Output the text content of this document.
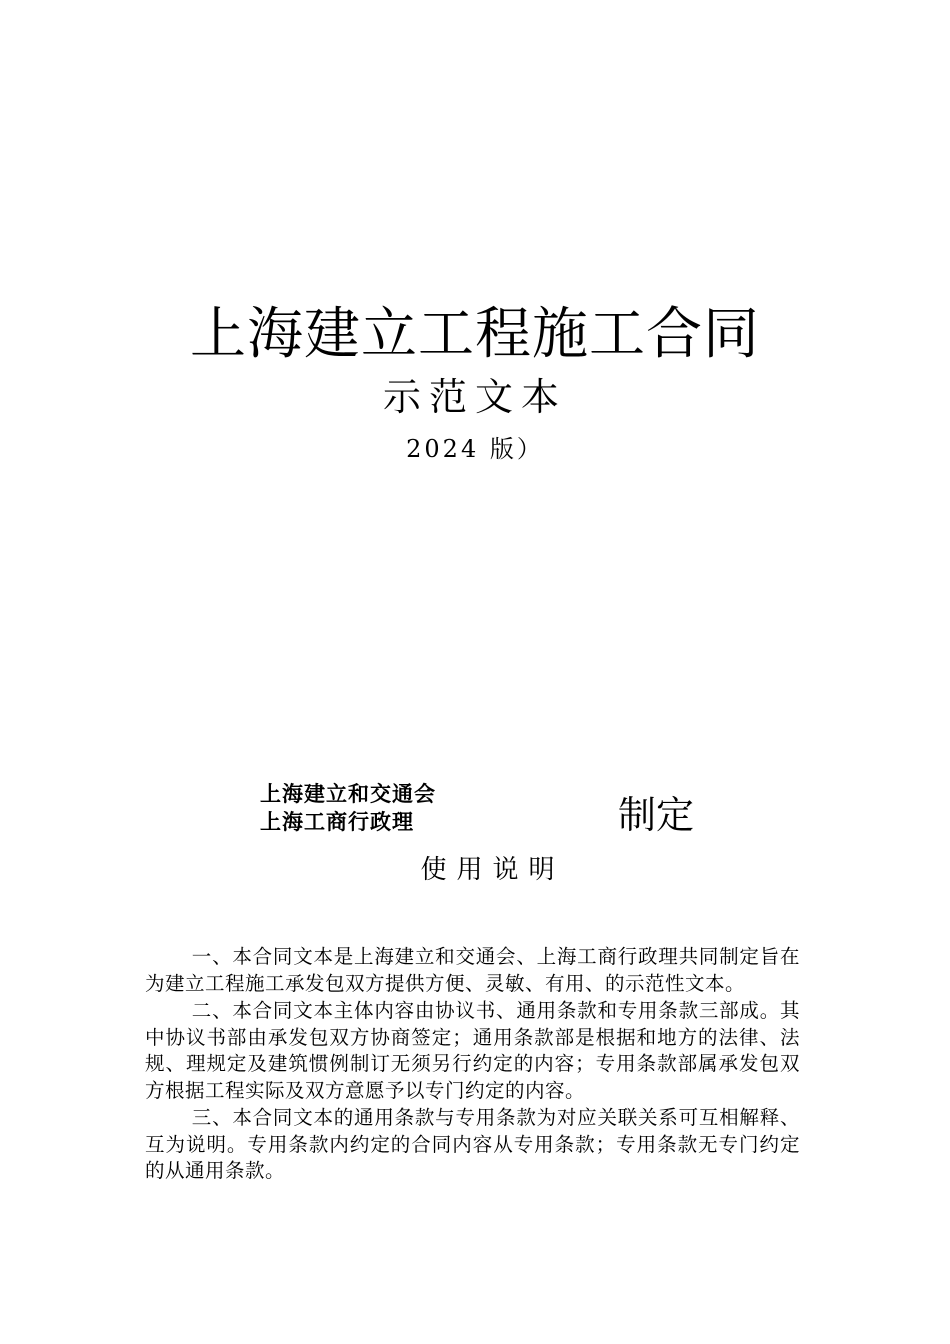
上海建立工程施工合同
示范文本
2024 版）
上海建立和交通会
上海工商行政理	制定
使用说明

一、本合同文本是上海建立和交通会、上海工商行政理共同制定旨在为建立工程施工承发包双方提供方便、灵敏、有用、的示范性文本。

二、本合同文本主体内容由协议书、通用条款和专用条款三部成。其中协议书部由承发包双方协商签定；通用条款部是根据和地方的法律、法规、理规定及建筑惯例制订无须另行约定的内容；专用条款部属承发包双方根据工程实际及双方意愿予以专门约定的内容。

三、本合同文本的通用条款与专用条款为对应关联关系可互相解释、互为说明。专用条款内约定的合同内容从专用条款；专用条款无专门约定的从通用条款。
